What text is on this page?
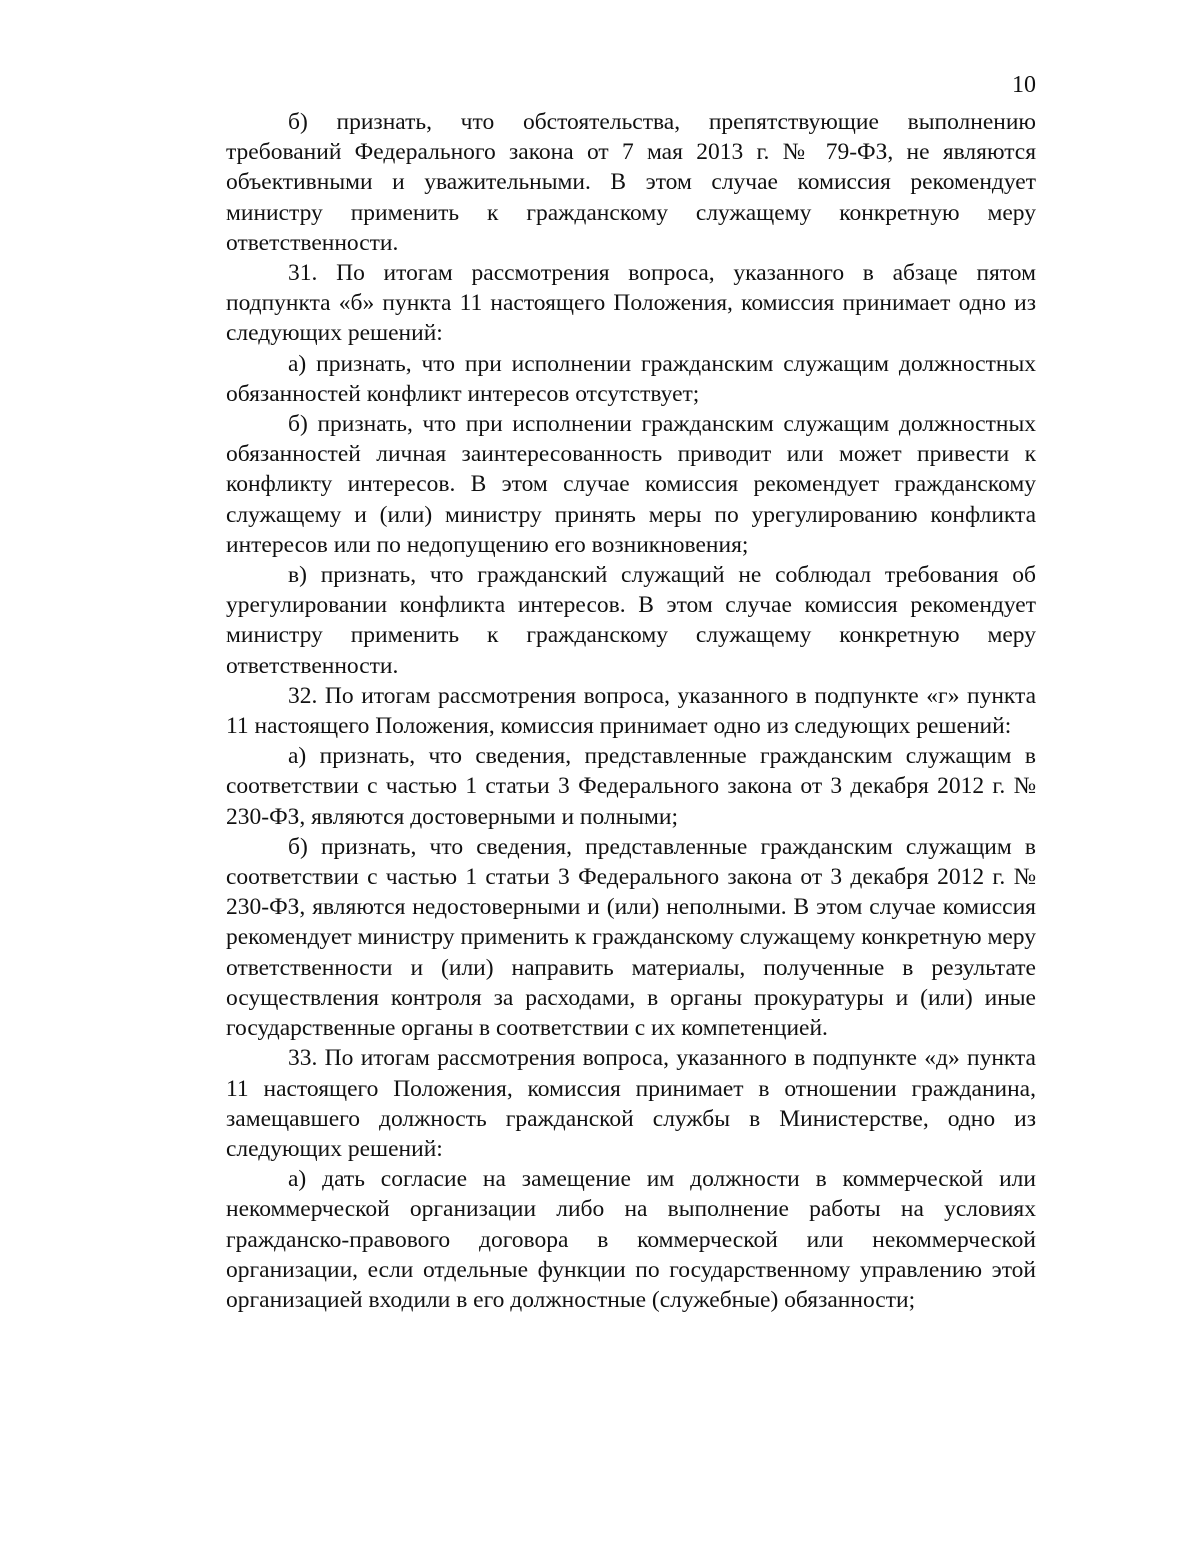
10

б) признать, что обстоятельства, препятствующие выполнению требований Федерального закона от 7 мая 2013 г. № 79-ФЗ, не являются объективными и уважительными. В этом случае комиссия рекомендует министру применить к гражданскому служащему конкретную меру ответственности.

31. По итогам рассмотрения вопроса, указанного в абзаце пятом подпункта «б» пункта 11 настоящего Положения, комиссия принимает одно из следующих решений:

а) признать, что при исполнении гражданским служащим должностных обязанностей конфликт интересов отсутствует;

б) признать, что при исполнении гражданским служащим должностных обязанностей личная заинтересованность приводит или может привести к конфликту интересов. В этом случае комиссия рекомендует гражданскому служащему и (или) министру принять меры по урегулированию конфликта интересов или по недопущению его возникновения;

в) признать, что гражданский служащий не соблюдал требования об урегулировании конфликта интересов. В этом случае комиссия рекомендует министру применить к гражданскому служащему конкретную меру ответственности.

32. По итогам рассмотрения вопроса, указанного в подпункте «г» пункта 11 настоящего Положения, комиссия принимает одно из следующих решений:

а) признать, что сведения, представленные гражданским служащим в соответствии с частью 1 статьи 3 Федерального закона от 3 декабря 2012 г. № 230-ФЗ, являются достоверными и полными;

б) признать, что сведения, представленные гражданским служащим в соответствии с частью 1 статьи 3 Федерального закона от 3 декабря 2012 г. № 230-ФЗ, являются недостоверными и (или) неполными. В этом случае комиссия рекомендует министру применить к гражданскому служащему конкретную меру ответственности и (или) направить материалы, полученные в результате осуществления контроля за расходами, в органы прокуратуры и (или) иные государственные органы в соответствии с их компетенцией.

33. По итогам рассмотрения вопроса, указанного в подпункте «д» пункта 11 настоящего Положения, комиссия принимает в отношении гражданина, замещавшего должность гражданской службы в Министерстве, одно из следующих решений:

а) дать согласие на замещение им должности в коммерческой или некоммерческой организации либо на выполнение работы на условиях гражданско-правового договора в коммерческой или некоммерческой организации, если отдельные функции по государственному управлению этой организацией входили в его должностные (служебные) обязанности;
